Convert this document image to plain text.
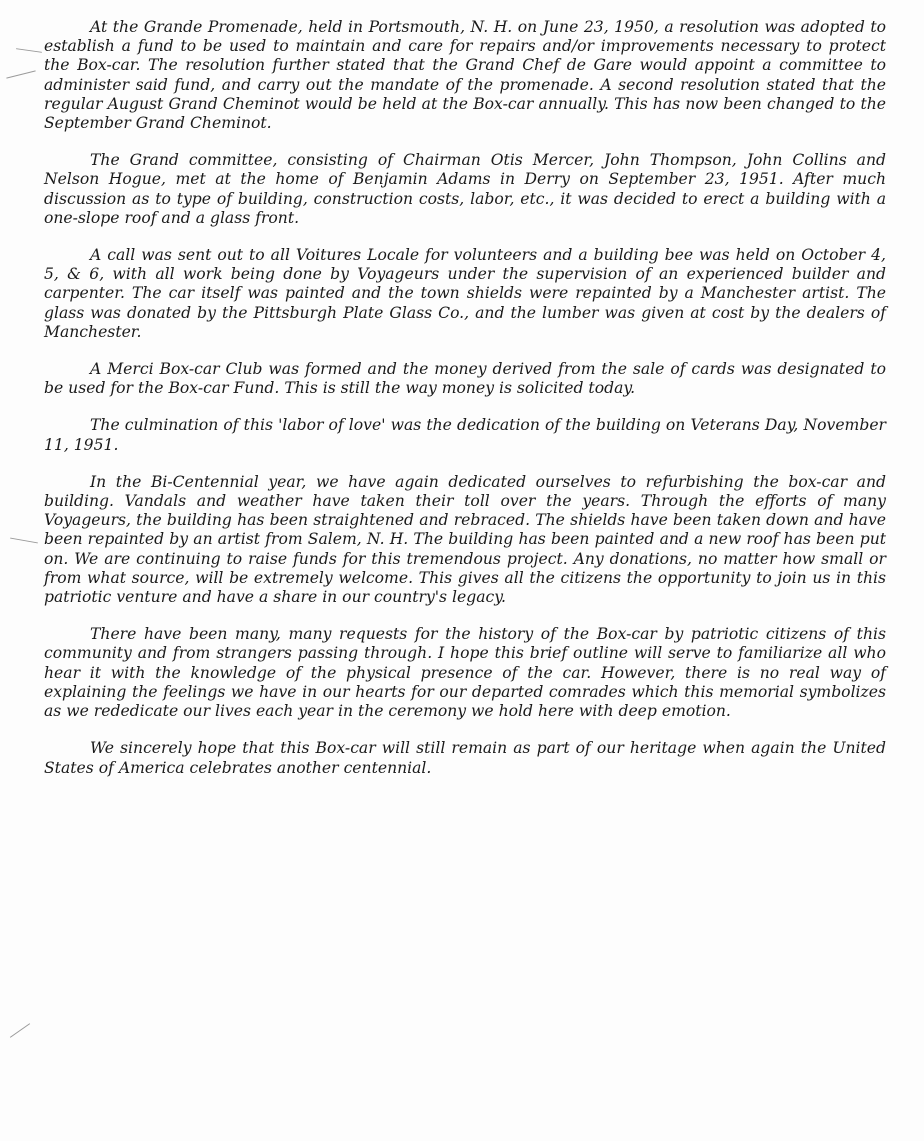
At the Grande Promenade, held in Portsmouth, N. H. on June 23, 1950, a resolution was adopted to establish a fund to be used to maintain and care for repairs and/or improvements necessary to protect the Box-car. The resolution further stated that the Grand Chef de Gare would appoint a committee to administer said fund, and carry out the mandate of the promenade. A second resolution stated that the regular August Grand Cheminot would be held at the Box-car annually. This has now been changed to the September Grand Cheminot.

The Grand committee, consisting of Chairman Otis Mercer, John Thompson, John Collins and Nelson Hogue, met at the home of Benjamin Adams in Derry on September 23, 1951. After much discussion as to type of building, construction costs, labor, etc., it was decided to erect a building with a one-slope roof and a glass front.

A call was sent out to all Voitures Locale for volunteers and a building bee was held on October 4, 5, & 6, with all work being done by Voyageurs under the supervision of an experienced builder and carpenter. The car itself was painted and the town shields were repainted by a Manchester artist. The glass was donated by the Pittsburgh Plate Glass Co., and the lumber was given at cost by the dealers of Manchester.

A Merci Box-car Club was formed and the money derived from the sale of cards was designated to be used for the Box-car Fund. This is still the way money is solicited today.

The culmination of this 'labor of love' was the dedication of the building on Veterans Day, November 11, 1951.

In the Bi-Centennial year, we have again dedicated ourselves to refurbishing the box-car and building. Vandals and weather have taken their toll over the years. Through the efforts of many Voyageurs, the building has been straightened and rebraced. The shields have been taken down and have been repainted by an artist from Salem, N. H. The building has been painted and a new roof has been put on. We are continuing to raise funds for this tremendous project. Any donations, no matter how small or from what source, will be extremely welcome. This gives all the citizens the opportunity to join us in this patriotic venture and have a share in our country's legacy.

There have been many, many requests for the history of the Box-car by patriotic citizens of this community and from strangers passing through. I hope this brief outline will serve to familiarize all who hear it with the knowledge of the physical presence of the car. However, there is no real way of explaining the feelings we have in our hearts for our departed comrades which this memorial symbolizes as we rededicate our lives each year in the ceremony we hold here with deep emotion.

We sincerely hope that this Box-car will still remain as part of our heritage when again the United States of America celebrates another centennial.
